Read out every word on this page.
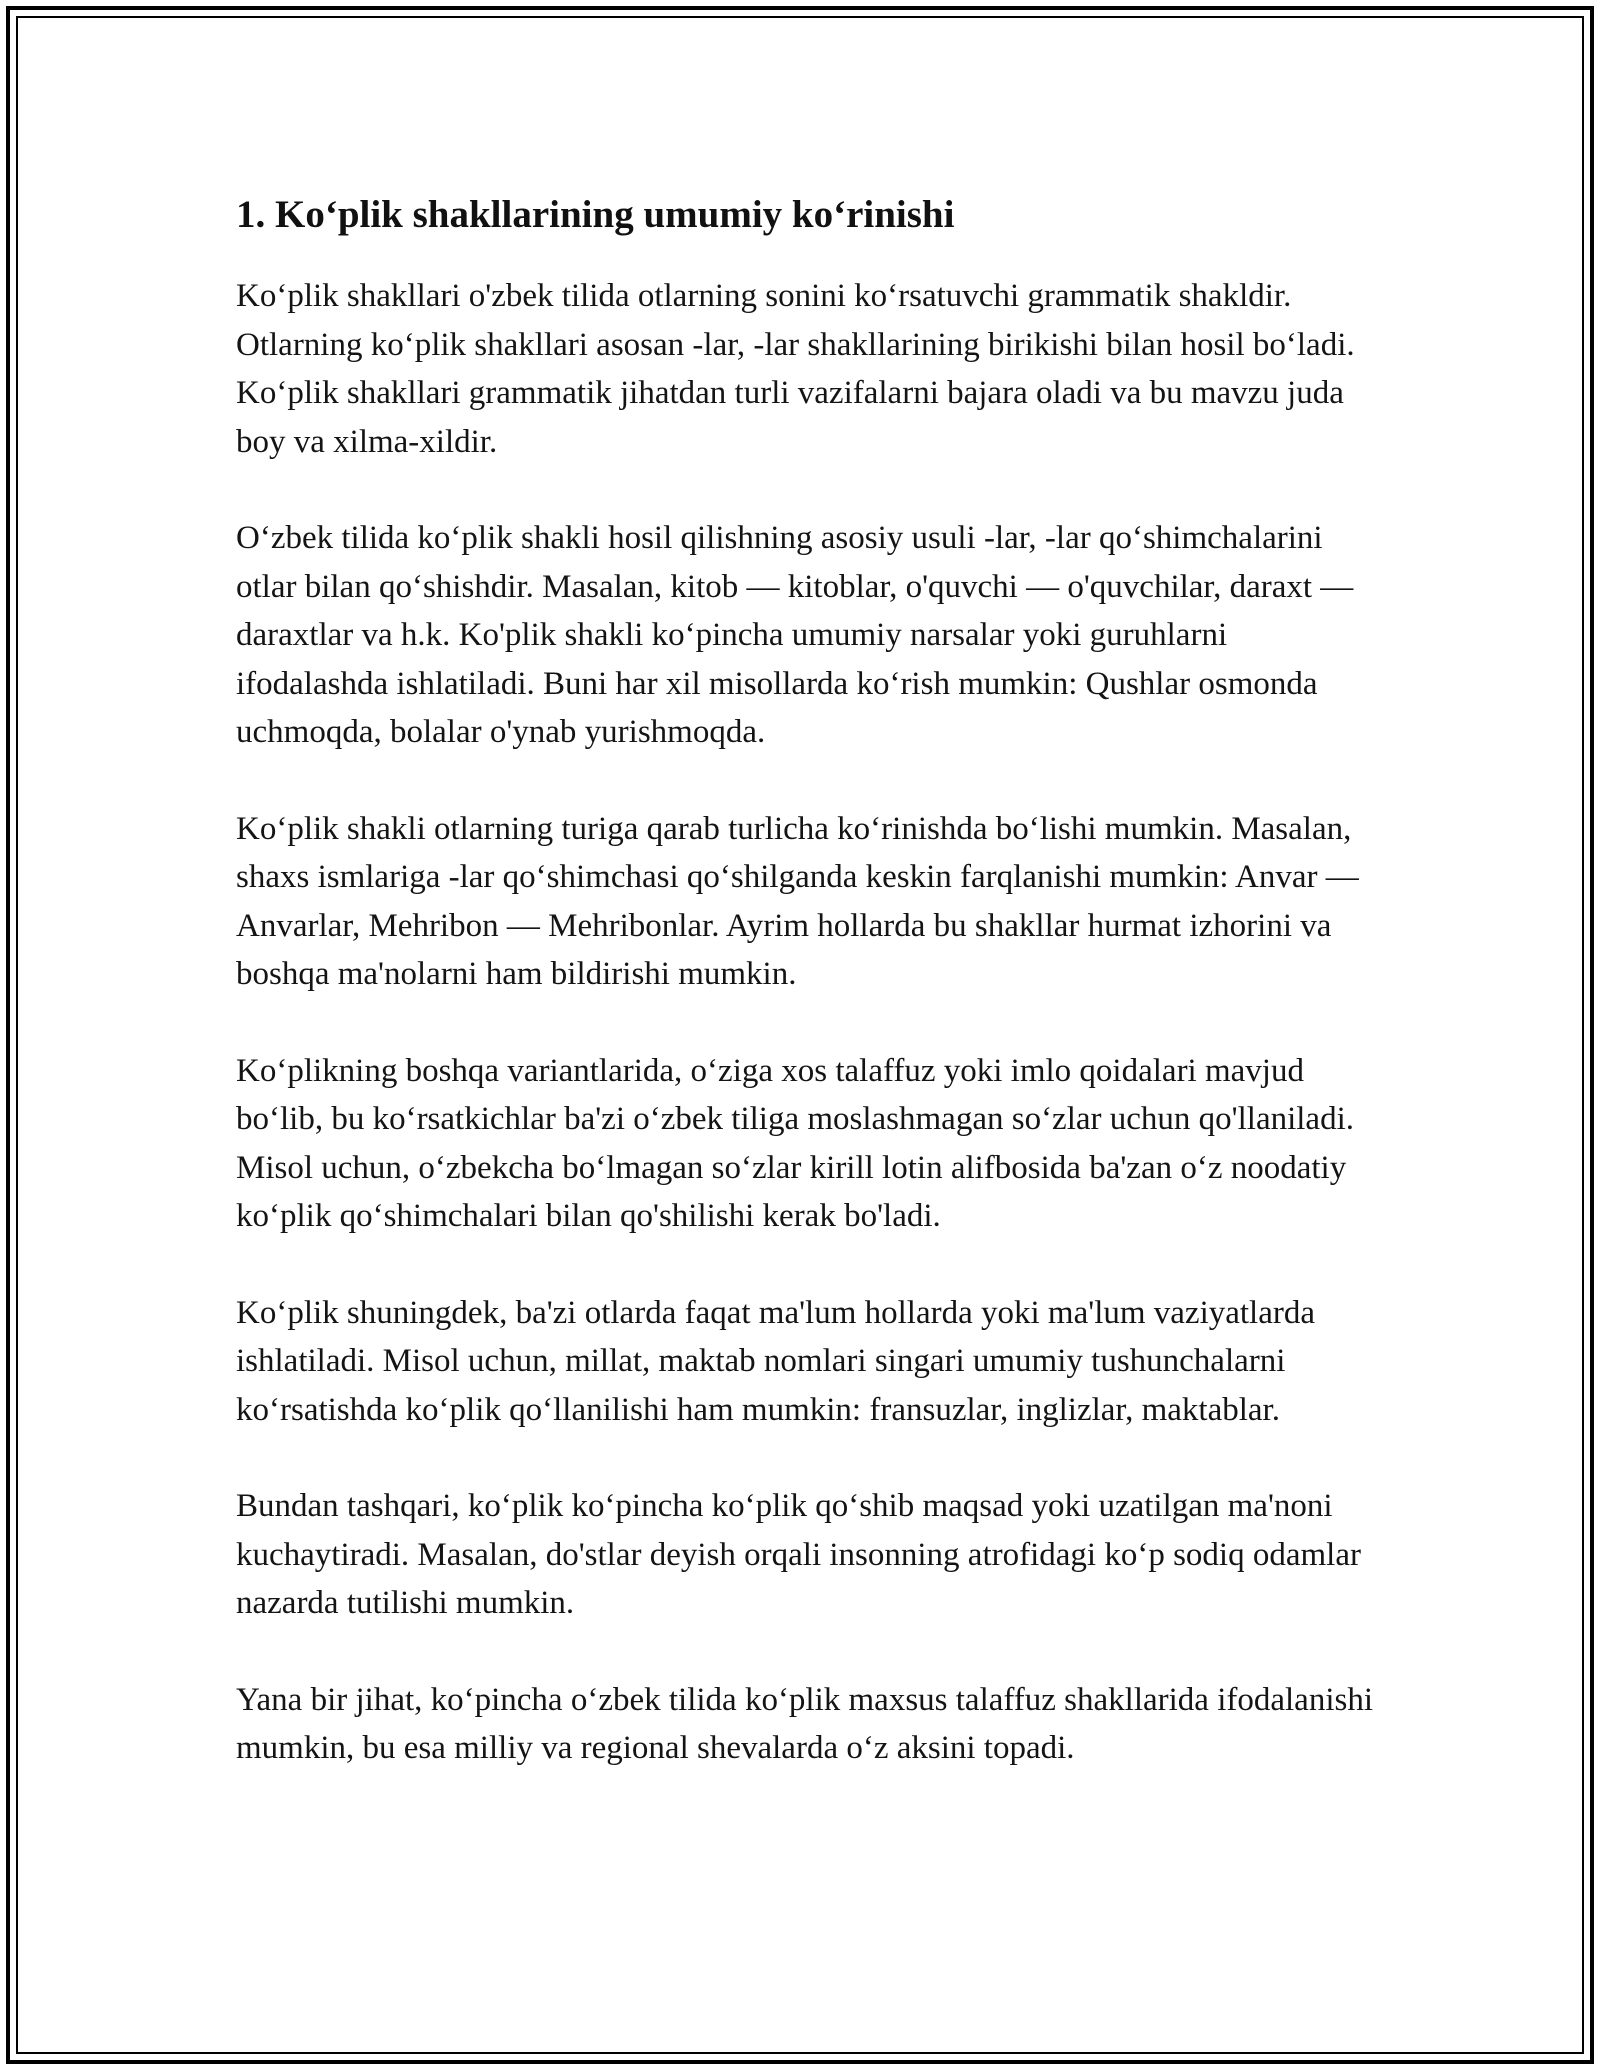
1. Ko‘plik shakllarining umumiy ko‘rinishi

Ko‘plik shakllari o'zbek tilida otlarning sonini ko‘rsatuvchi grammatik shakldir. Otlarning ko‘plik shakllari asosan -lar, -lar shakllarining birikishi bilan hosil bo‘ladi. Ko‘plik shakllari grammatik jihatdan turli vazifalarni bajara oladi va bu mavzu juda boy va xilma-xildir.

O‘zbek tilida ko‘plik shakli hosil qilishning asosiy usuli -lar, -lar qo‘shimchalarini otlar bilan qo‘shishdir. Masalan, kitob — kitoblar, o'quvchi — o'quvchilar, daraxt — daraxtlar va h.k. Ko'plik shakli ko‘pincha umumiy narsalar yoki guruhlarni ifodalashda ishlatiladi. Buni har xil misollarda ko‘rish mumkin: Qushlar osmonda uchmoqda, bolalar o'ynab yurishmoqda.

Ko‘plik shakli otlarning turiga qarab turlicha ko‘rinishda bo‘lishi mumkin. Masalan, shaxs ismlariga -lar qo‘shimchasi qo‘shilganda keskin farqlanishi mumkin: Anvar — Anvarlar, Mehribon — Mehribonlar. Ayrim hollarda bu shakllar hurmat izhorini va boshqa ma'nolarni ham bildirishi mumkin.

Ko‘plikning boshqa variantlarida, o‘ziga xos talaffuz yoki imlo qoidalari mavjud bo‘lib, bu ko‘rsatkichlar ba'zi o‘zbek tiliga moslashmagan so‘zlar uchun qo'llaniladi. Misol uchun, o‘zbekcha bo‘lmagan so‘zlar kirill lotin alifbosida ba'zan o‘z noodatiy ko‘plik qo‘shimchalari bilan qo'shilishi kerak bo'ladi.

Ko‘plik shuningdek, ba'zi otlarda faqat ma'lum hollarda yoki ma'lum vaziyatlarda ishlatiladi. Misol uchun, millat, maktab nomlari singari umumiy tushunchalarni ko‘rsatishda ko‘plik qo‘llanilishi ham mumkin: fransuzlar, inglizlar, maktablar.

Bundan tashqari, ko‘plik ko‘pincha ko‘plik qo‘shib maqsad yoki uzatilgan ma'noni kuchaytiradi. Masalan, do'stlar deyish orqali insonning atrofidagi ko‘p sodiq odamlar nazarda tutilishi mumkin.

Yana bir jihat, ko‘pincha o‘zbek tilida ko‘plik maxsus talaffuz shakllarida ifodalanishi mumkin, bu esa milliy va regional shevalarda o‘z aksini topadi.
